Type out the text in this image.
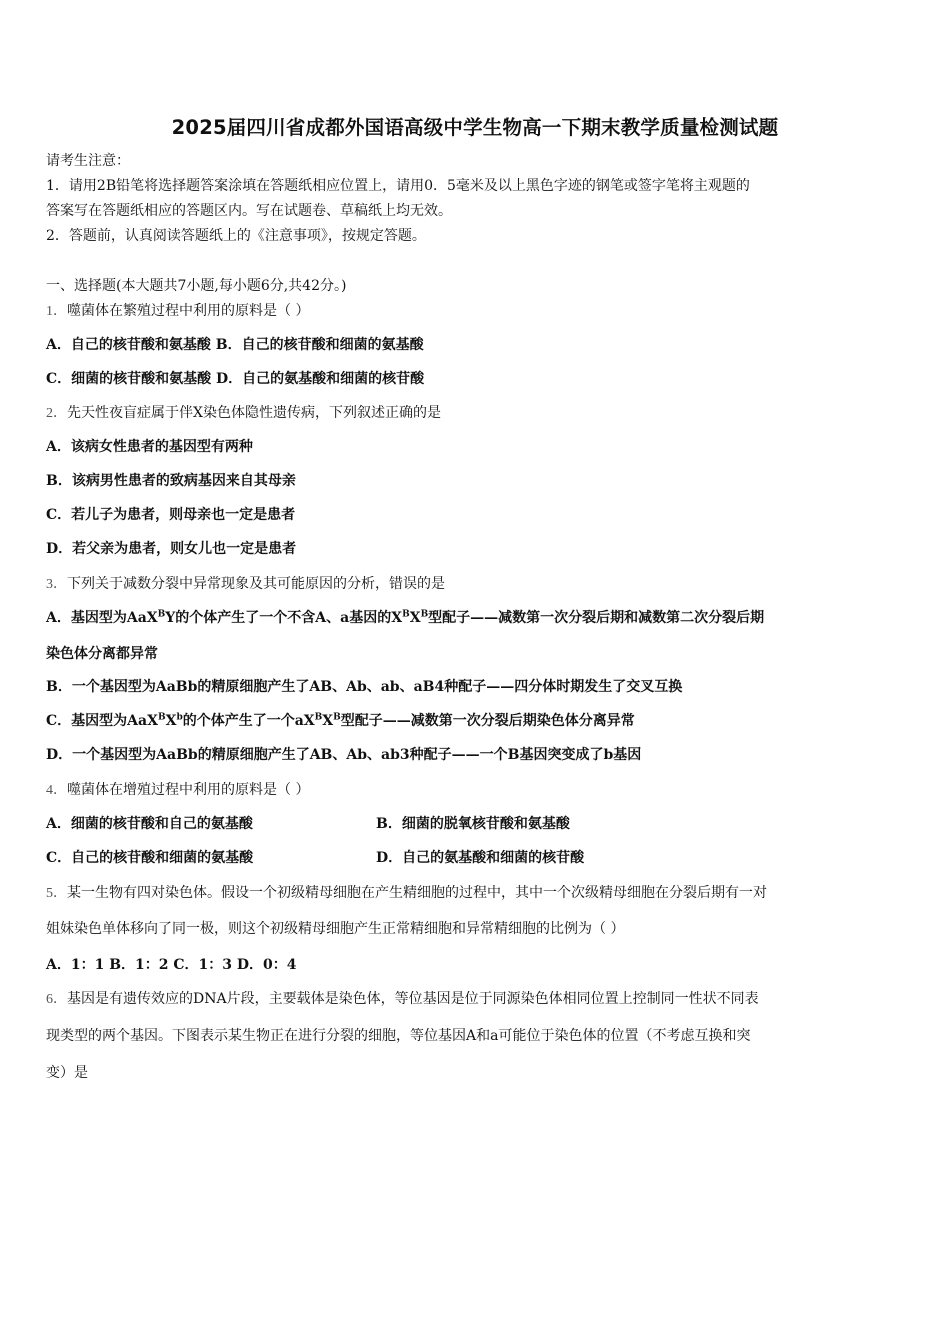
2025届四川省成都外国语高级中学生物高一下期末教学质量检测试题
请考生注意：
1．请用2B铅笔将选择题答案涂填在答题纸相应位置上，请用0．5毫米及以上黑色字迹的钢笔或签字笔将主观题的
答案写在答题纸相应的答题区内。写在试题卷、草稿纸上均无效。
2．答题前，认真阅读答题纸上的《注意事项》，按规定答题。
一、选择题(本大题共7小题,每小题6分,共42分。)
1．噬菌体在繁殖过程中利用的原料是（ ）
A．自己的核苷酸和氨基酸 B．自己的核苷酸和细菌的氨基酸
C．细菌的核苷酸和氨基酸 D．自己的氨基酸和细菌的核苷酸
2．先天性夜盲症属于伴X染色体隐性遗传病，下列叙述正确的是
A．该病女性患者的基因型有两种
B．该病男性患者的致病基因来自其母亲
C．若儿子为患者，则母亲也一定是患者
D．若父亲为患者，则女儿也一定是患者
3．下列关于减数分裂中异常现象及其可能原因的分析，错误的是
A．基因型为AaX$^B$Y的个体产生了一个不含A、a基因的$X^BX^B$型配子——减数第一次分裂后期和减数第二次分裂后期
染色体分离都异常
B．一个基因型为AaBb的精原细胞产生了AB、Ab、ab、aB4种配子——四分体时期发生了交叉互换
C．基因型为$AaX^BX^b$的个体产生了一个$aX^BX^B$型配子——减数第一次分裂后期染色体分离异常
D．一个基因型为AaBb的精原细胞产生了AB、Ab、ab3种配子——一个B基因突变成了b基因
4．噬菌体在增殖过程中利用的原料是（ ）
A．细菌的核苷酸和自己的氨基酸	B．细菌的脱氧核苷酸和氨基酸
C．自己的核苷酸和细菌的氨基酸	D．自己的氨基酸和细菌的核苷酸
5．某一生物有四对染色体。假设一个初级精母细胞在产生精细胞的过程中，其中一个次级精母细胞在分裂后期有一对
姐妹染色单体移向了同一极，则这个初级精母细胞产生正常精细胞和异常精细胞的比例为（ ）
A．1：1 B．1：2 C．1：3 D．0：4
6．基因是有遗传效应的DNA片段，主要载体是染色体，等位基因是位于同源染色体相同位置上控制同一性状不同表
现类型的两个基因。下图表示某生物正在进行分裂的细胞，等位基因A和a可能位于染色体的位置（不考虑互换和突
变）是
